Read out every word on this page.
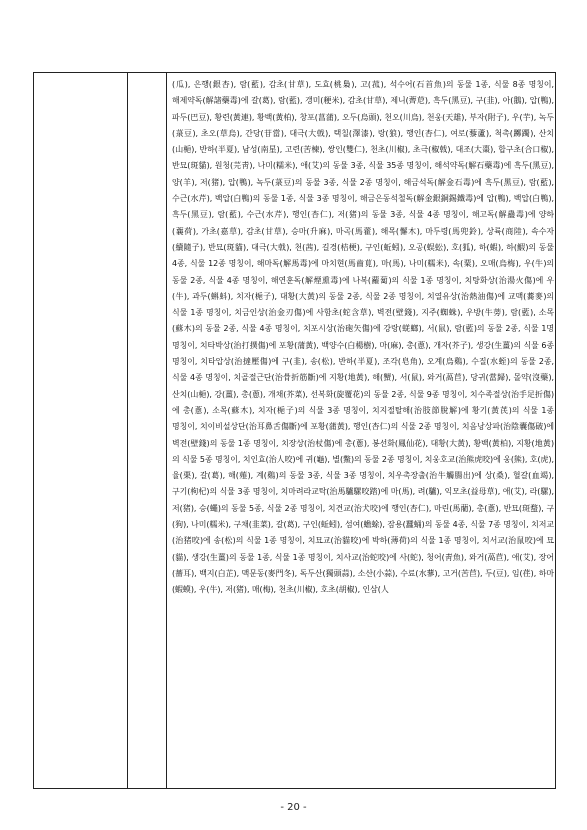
(瓜), 은행(銀杏), 람(藍), 감초(甘草), 도효(桃梟), 고(菰), 석수어(石首魚)의 동물 1종, 식물 8종 명칭이, 해제약독(解諸藥毒)에 갈(葛), 람(藍), 갱미(粳米), 감초(甘草), 제니(薺苨), 흑두(黑豆), 구(韭), 아(鵝), 압(鴨), 파두(巴豆), 황련(黃連), 황백(黃柏), 창포(菖蒲), 오두(烏頭), 천오(川烏), 천웅(天雄), 부자(附子), 우(芋), 녹두(菉豆), 초오(草烏), 간당(苷當), 대극(大戟), 택칠(澤漆), 랑(狼), 행인(杏仁), 여로(藜蘆), 척촉(躑躅), 산치(山梔), 반하(半夏), 남성(南星), 고련(苦楝), 쌍인(雙仁), 천초(川椒), 초극(椒戟), 대조(大棗), 합구초(合口椒), 반묘(斑貓), 원청(芫靑), 나미(糯米), 애(艾)의 동물 3종, 식물 35종 명칭이, 해석약독(解石藥毒)에 흑두(黑豆), 양(羊), 저(猪), 압(鴨), 녹두(菉豆)의 동물 3종, 식물 2종 명칭이, 해금석독(解金石毒)에 흑두(黑豆), 람(藍), 수근(水芹), 백압(白鴨)의 동물 1종, 식물 3종 명칭이, 해금은동석철독(解金銀銅錫鐵毒)에 압(鴨), 백압(白鴨), 흑두(黑豆), 람(藍), 수근(水芹), 행인(杏仁), 저(猪)의 동물 3종, 식물 4종 명칭이, 해고독(解蠱毒)에 양하(蘘荷), 가초(嘉草), 감초(甘草), 승마(升麻), 마곡(馬藿), 해목(懈木), 마두령(馬兜鈴), 상륙(商陸), 속수자(續隨子), 반묘(斑貓), 대극(大戟), 천(茜), 길경(桔梗), 구인(蚯蚓), 오공(蜈蚣), 호(狐), 하(蝦), 하(鰕)의 동물 4종, 식물 12종 명칭이, 해마독(解馬毒)에 마치현(馬齒莧), 마(馬), 나미(糯米), 속(粟), 오매(烏梅), 우(牛)의 동물 2종, 식물 4종 명칭이, 해연훈독(解煙熏毒)에 나복(蘿蔔)의 식물 1종 명칭이, 치탕화상(治湯火傷)에 우(牛), 과두(蝌蚪), 치자(梔子), 대황(大黃)의 동물 2종, 식물 2종 명칭이, 치열유상(治熱油傷)에 교맥(蕎麥)의 식물 1종 명칭이, 치금인상(治金刃傷)에 사함초(蛇含草), 벽전(壁錢), 지주(蜘蛛), 우방(牛蒡), 람(藍), 소목(蘇木)의 동물 2종, 식물 4종 명칭이, 치포시상(治砲矢傷)에 강랑(蜣螂), 서(鼠), 람(藍)의 동물 2종, 식물 1명 명칭이, 치타박상(治打撲傷)에 포황(蒲黃), 백양수(白楊樹), 마(麻), 총(蔥), 개자(芥子), 생강(生薑)의 식물 6종 명칭이, 치타압상(治撻壓傷)에 구(韭), 송(松), 반하(半夏), 조각(皂角), 오계(烏鷄), 수질(水蛭)의 동물 2종, 식물 4종 명칭이, 치골절근단(治骨折筋斷)에 지황(地黃), 해(蟹), 서(鼠), 와거(萵苣), 당귀(當歸), 몰약(沒藥), 산치(山梔), 강(薑), 총(蔥), 개채(芥菜), 선복화(旋覆花)의 동물 2종, 식물 9종 명칭이, 치수족절상(治手足折傷)에 총(蔥), 소목(蘇木), 치자(梔子)의 식물 3종 명칭이, 치지절탈해(治肢節脫解)에 황기(黃芪)의 식물 1종 명칭이, 치이비설상단(治耳鼻舌傷斷)에 포황(蒲黃), 행인(杏仁)의 식물 2종 명칭이, 치음낭상파(治陰囊傷破)에 벽전(壁錢)의 동물 1종 명칭이, 치장상(治杖傷)에 총(蔥), 봉선화(鳳仙花), 대황(大黃), 황백(黃柏), 지황(地黃)의 식물 5종 명칭이, 치인효(治人咬)에 귀(龜), 별(鱉)의 동물 2종 명칭이, 치웅호교(治熊虎咬)에 웅(熊), 호(虎), 율(栗), 갈(葛), 해(薤), 계(鷄)의 동물 3종, 식물 3종 명칭이, 치우촉장출(治牛觸腸出)에 상(桑), 혈갈(血竭), 구기(枸杞)의 식물 3종 명칭이, 치마려라교탁(治馬驢騾咬踏)에 마(馬), 려(驢), 익모초(益母草), 애(艾), 라(騾), 저(猪), 승(蠅)의 동물 5종, 식물 2종 명칭이, 치견교(治犬咬)에 행인(杏仁), 마린(馬藺), 총(蔥), 반묘(斑蝥), 구(狗), 나미(糯米), 구채(韭菜), 갈(葛), 구인(蚯蚓), 섬여(蟾蜍), 잠용(蠶蛹)의 동물 4종, 식물 7종 명칭이, 치저교(治猪咬)에 송(松)의 식물 1종 명칭이, 치묘교(治貓咬)에 박하(薄荷)의 식물 1종 명칭이, 치서교(治鼠咬)에 묘(貓), 생강(生薑)의 동물 1종, 식물 1종 명칭이, 치사교(治蛇咬)에 사(蛇), 청어(靑魚), 와거(萵苣), 애(艾), 장어(薔耳), 백지(白芷), 맥문동(麥門冬), 독두산(獨頭蒜), 소산(小蒜), 수료(水蓼), 고거(苦苣), 두(豆), 임(荏), 하마(蝦蟆), 우(牛), 저(猪), 매(梅), 천초(川椒), 호초(胡椒), 인삼(人

- 20 -
